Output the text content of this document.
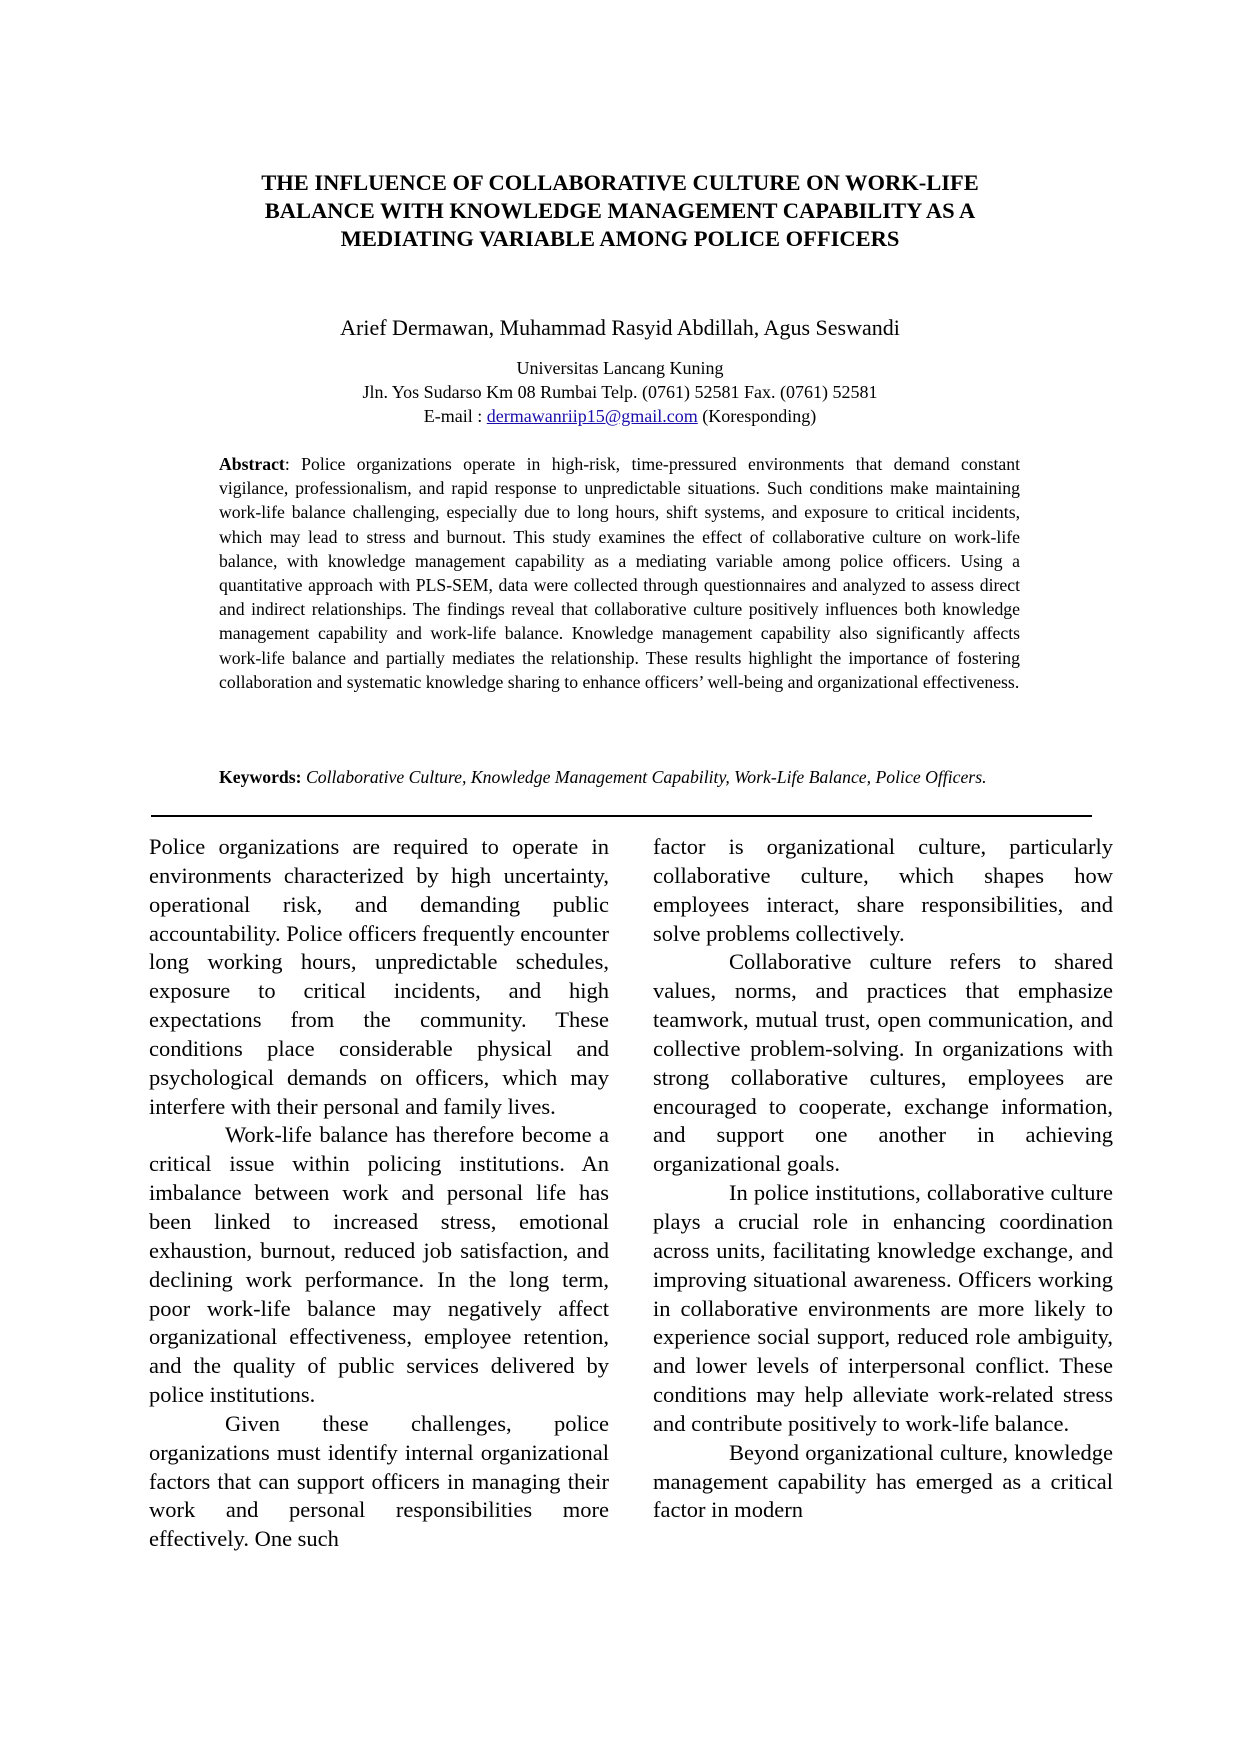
THE INFLUENCE OF COLLABORATIVE CULTURE ON WORK-LIFE
BALANCE WITH KNOWLEDGE MANAGEMENT CAPABILITY AS A
MEDIATING VARIABLE AMONG POLICE OFFICERS
Arief Dermawan, Muhammad Rasyid Abdillah, Agus Seswandi
Universitas Lancang Kuning
Jln. Yos Sudarso Km 08 Rumbai Telp. (0761) 52581 Fax. (0761) 52581
E-mail : dermawanriip15@gmail.com (Koresponding)
Abstract: Police organizations operate in high-risk, time-pressured environments that demand constant vigilance, professionalism, and rapid response to unpredictable situations. Such conditions make maintaining work-life balance challenging, especially due to long hours, shift systems, and exposure to critical incidents, which may lead to stress and burnout. This study examines the effect of collaborative culture on work-life balance, with knowledge management capability as a mediating variable among police officers. Using a quantitative approach with PLS-SEM, data were collected through questionnaires and analyzed to assess direct and indirect relationships. The findings reveal that collaborative culture positively influences both knowledge management capability and work-life balance. Knowledge management capability also significantly affects work-life balance and partially mediates the relationship. These results highlight the importance of fostering collaboration and systematic knowledge sharing to enhance officers’ well-being and organizational effectiveness.
Keywords: Collaborative Culture, Knowledge Management Capability, Work-Life Balance, Police Officers.

Police organizations are required to operate in environments characterized by high uncertainty, operational risk, and demanding public accountability. Police officers frequently encounter long working hours, unpredictable schedules, exposure to critical incidents, and high expectations from the community. These conditions place considerable physical and psychological demands on officers, which may interfere with their personal and family lives.

Work-life balance has therefore become a critical issue within policing institutions. An imbalance between work and personal life has been linked to increased stress, emotional exhaustion, burnout, reduced job satisfaction, and declining work performance. In the long term, poor work-life balance may negatively affect organizational effectiveness, employee retention, and the quality of public services delivered by police institutions.

Given these challenges, police organizations must identify internal organizational factors that can support officers in managing their work and personal responsibilities more effectively. One such

factor is organizational culture, particularly collaborative culture, which shapes how employees interact, share responsibilities, and solve problems collectively.

Collaborative culture refers to shared values, norms, and practices that emphasize teamwork, mutual trust, open communication, and collective problem-solving. In organizations with strong collaborative cultures, employees are encouraged to cooperate, exchange information, and support one another in achieving organizational goals.

In police institutions, collaborative culture plays a crucial role in enhancing coordination across units, facilitating knowledge exchange, and improving situational awareness. Officers working in collaborative environments are more likely to experience social support, reduced role ambiguity, and lower levels of interpersonal conflict. These conditions may help alleviate work-related stress and contribute positively to work-life balance.

Beyond organizational culture, knowledge management capability has emerged as a critical factor in modern
